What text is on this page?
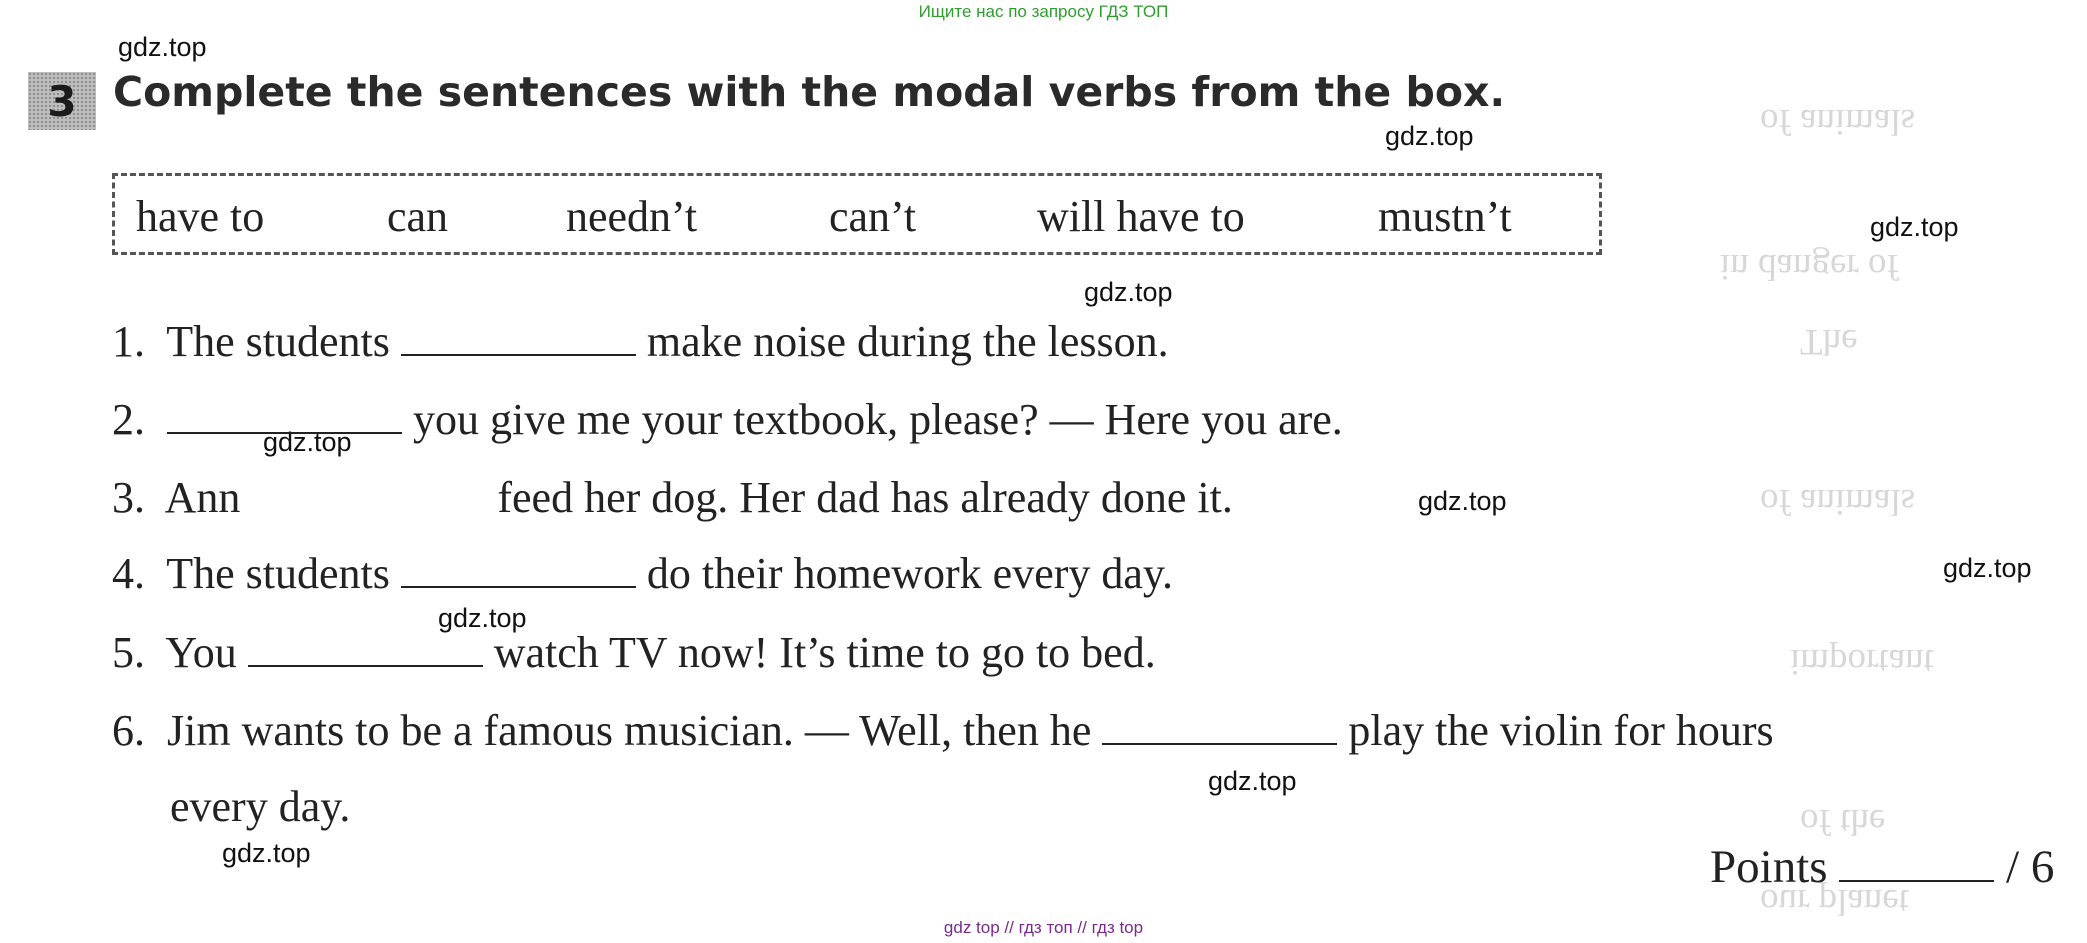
of animals
in danger of
The
of animals
important
of the
our planet
Ищите нас по запросу ГДЗ ТОП
gdz.top
gdz.top
gdz.top
gdz.top
gdz.top
gdz.top
gdz.top
gdz.top
gdz.top
gdz.top
3 Complete the sentences with the modal verbs from the box.
have to	can	needn’t	can’t	will have to	mustn’t
1. The students	make noise during the lesson.
2.	you give me your textbook, please? — Here you are.
3. Ann	feed her dog. Her dad has already done it.
4. The students	do their homework every day.
5. You	watch TV now! It’s time to go to bed.
6. Jim wants to be a famous musician. — Well, then he	play the violin for hours
every day.
Points	/ 6
gdz top // гдз топ // гдз top
